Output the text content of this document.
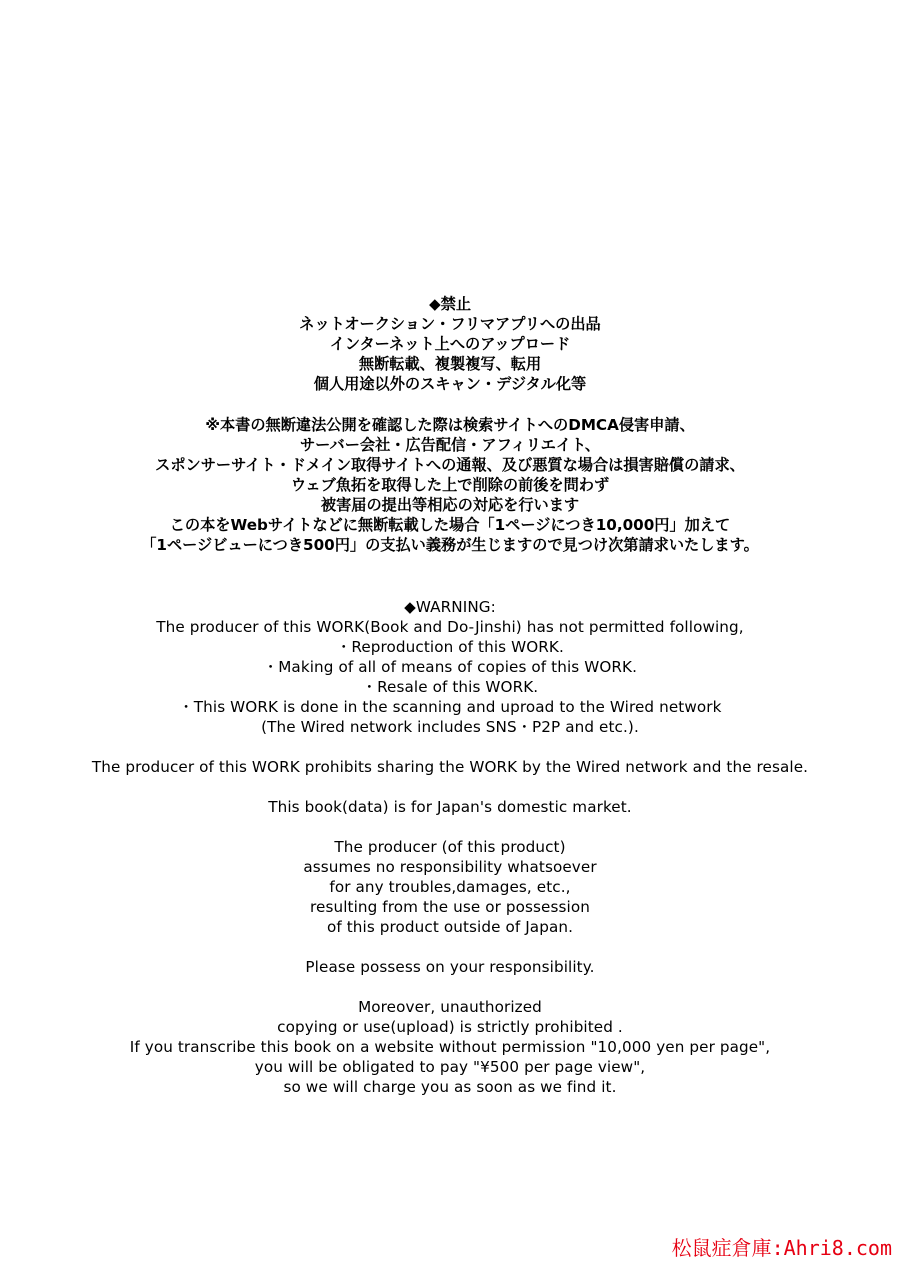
◆禁止
ネットオークション・フリマアプリへの出品
インターネット上へのアップロード
無断転載、複製複写、転用
個人用途以外のスキャン・デジタル化等
※本書の無断違法公開を確認した際は検索サイトへのDMCA侵害申請、
サーバー会社・広告配信・アフィリエイト、
スポンサーサイト・ドメイン取得サイトへの通報、及び悪質な場合は損害賠償の請求、
ウェブ魚拓を取得した上で削除の前後を問わず
被害届の提出等相応の対応を行います
この本をWebサイトなどに無断転載した場合「1ページにつき10,000円」加えて
「1ページビューにつき500円」の支払い義務が生じますので見つけ次第請求いたします。
◆WARNING:
The producer of this WORK(Book and Do-Jinshi) has not permitted following,
・Reproduction of this WORK.
・Making of all of means of copies of this WORK.
・Resale of this WORK.
・This WORK is done in the scanning and uproad to the Wired network
(The Wired network includes SNS・P2P and etc.).
The producer of this WORK prohibits sharing the WORK by the Wired network and the resale.
This book(data) is for Japan's domestic market.
The producer (of this product)
assumes no responsibility whatsoever
for any troubles,damages, etc.,
resulting from the use or possession
of this product outside of Japan.
Please possess on your responsibility.
Moreover, unauthorized
copying or use(upload) is strictly prohibited .
If you transcribe this book on a website without permission "10,000 yen per page",
you will be obligated to pay "¥500 per page view",
so we will charge you as soon as we find it.
松鼠症倉庫:Ahri8.com
